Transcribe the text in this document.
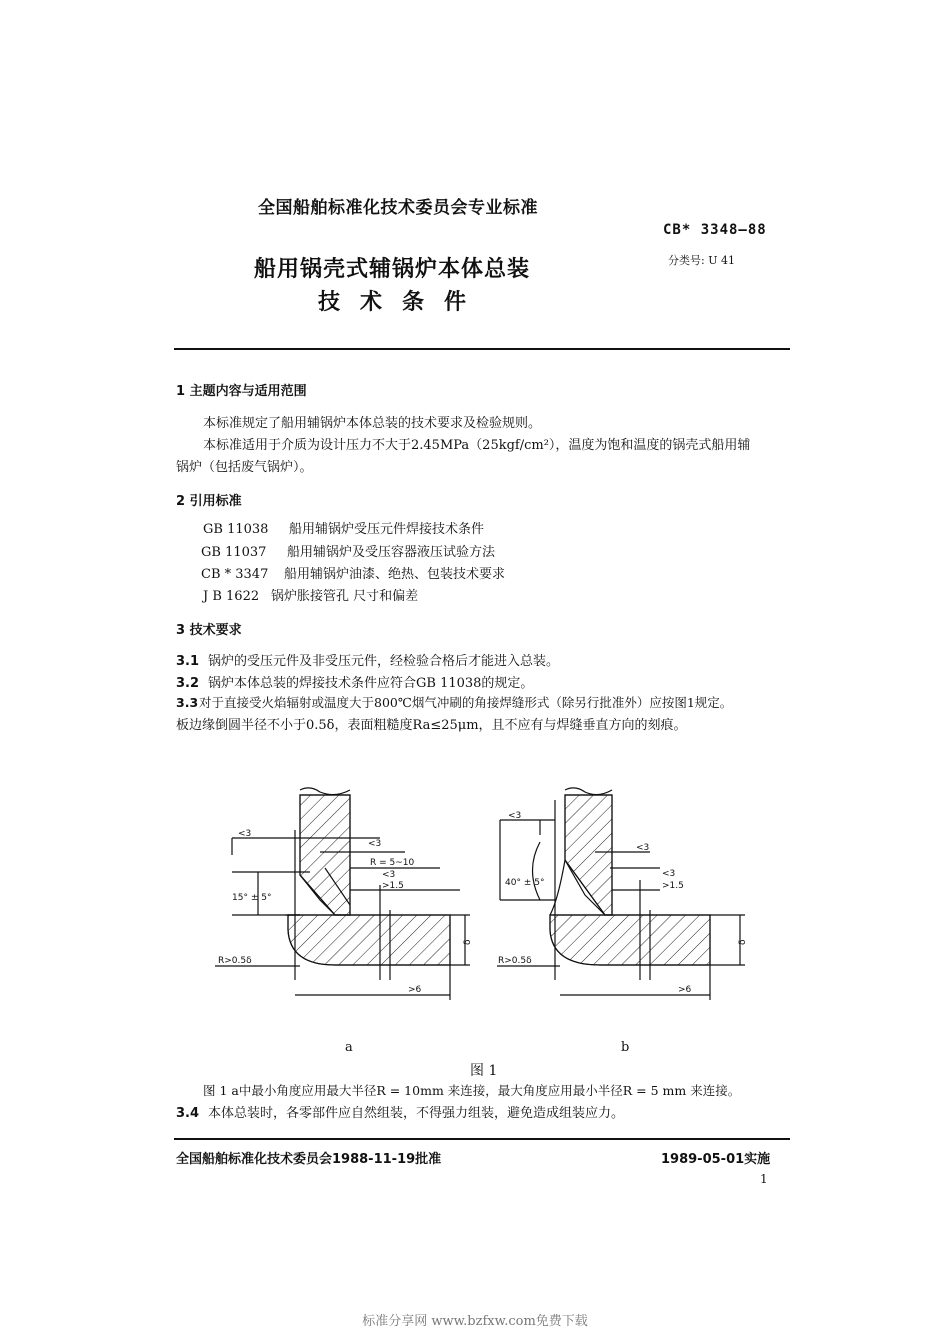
全国船舶标准化技术委员会专业标准
CB* 3348—88
分类号: U 41
船用锅壳式辅锅炉本体总装
技术条件
1 主题内容与适用范围
本标准规定了船用辅锅炉本体总装的技术要求及检验规则。
本标准适用于介质为设计压力不大于2.45MPa（25kgf/cm²），温度为饱和温度的锅壳式船用辅
锅炉（包括废气锅炉）。
2 引用标准
GB 11038 船用辅锅炉受压元件焊接技术条件
GB 11037 船用辅锅炉及受压容器液压试验方法
CB * 3347 船用辅锅炉油漆、绝热、包装技术要求
J B 1622 锅炉胀接管孔 尺寸和偏差
3 技术要求
3.1 锅炉的受压元件及非受压元件，经检验合格后才能进入总装。
3.2 锅炉本体总装的焊接技术条件应符合GB 11038的规定。
3.3对于直接受火焰辐射或温度大于800℃烟气冲刷的角接焊缝形式（除另行批准外）应按图1规定。
板边缘倒圆半径不小于0.5δ，表面粗糙度Ra≤25μm，且不应有与焊缝垂直方向的刻痕。
<3
<3
R = 5~10
<3
>1.5
15° ± 5°
R>0.5δ
>6
δ
<3
<3
<3
>1.5
40° ± 5°
R>0.5δ
>6
δ
a	b
图 1
图 1 a中最小角度应用最大半径R = 10mm 来连接，最大角度应用最小半径R = 5 mm 来连接。
3.4 本体总装时，各零部件应自然组装，不得强力组装，避免造成组装应力。
全国船舶标准化技术委员会1988-11-19批准	1989-05-01实施
1
标准分享网 www.bzfxw.com免费下载
